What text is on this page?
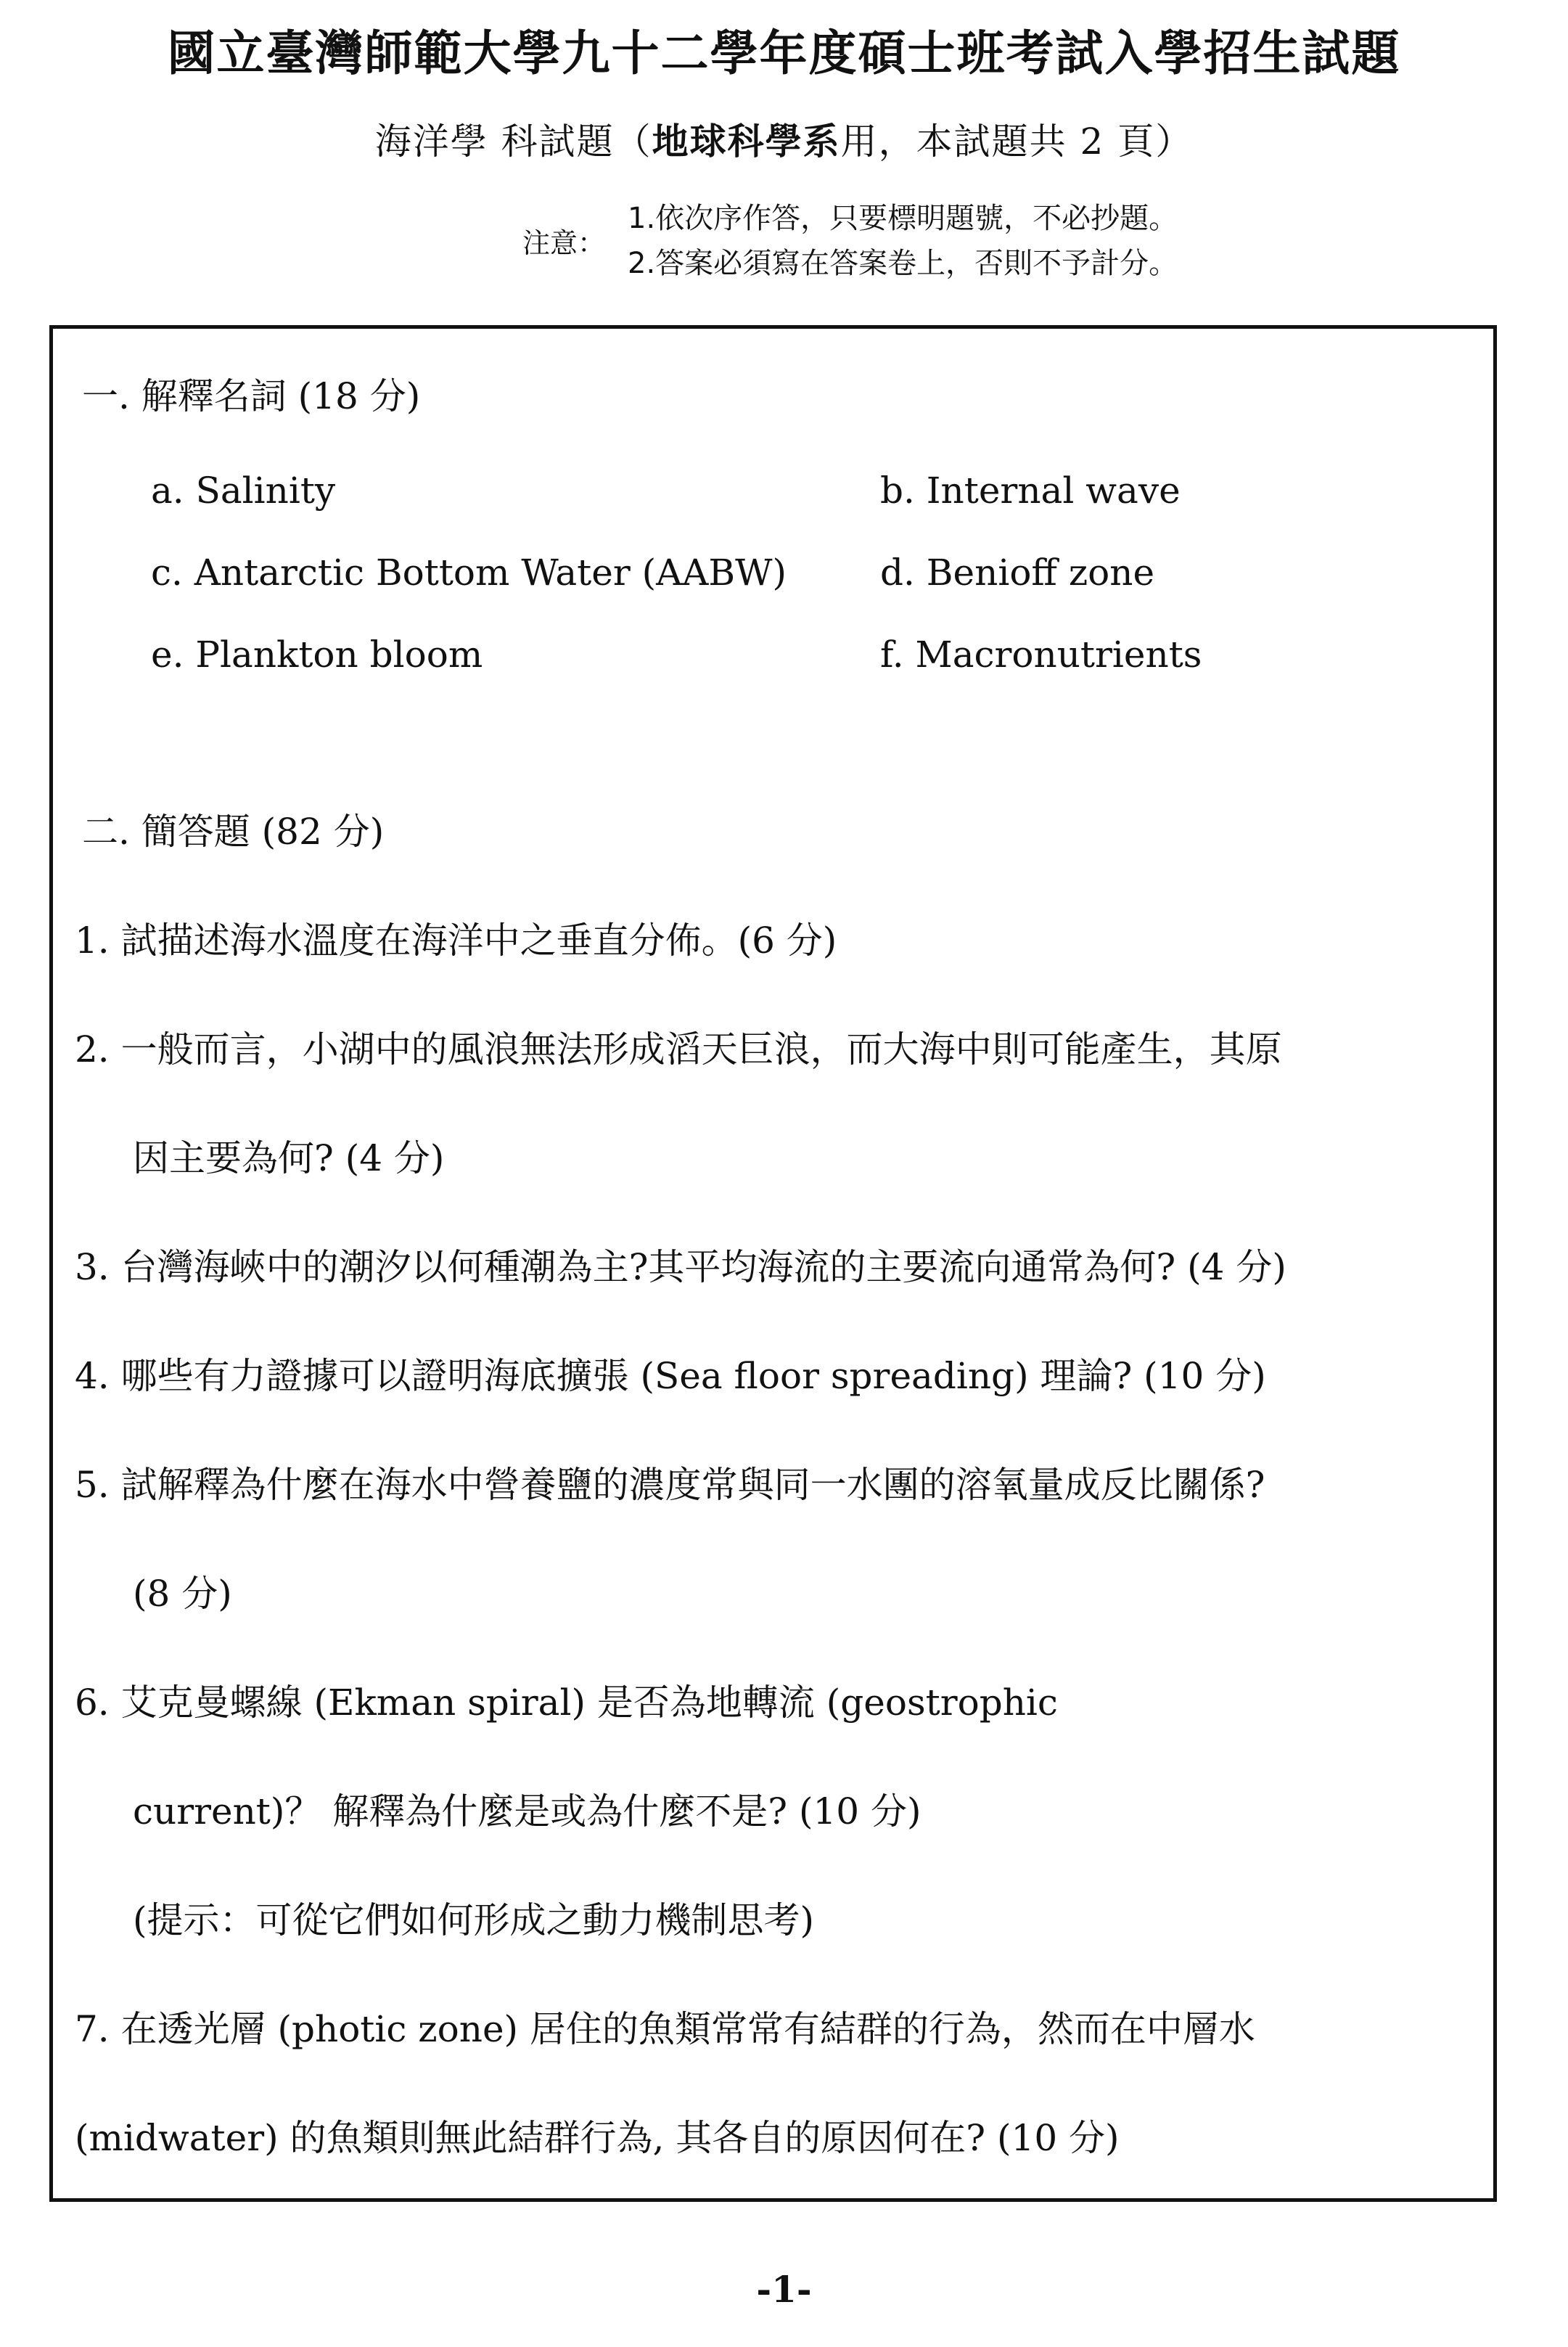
國立臺灣師範大學九十二學年度碩士班考試入學招生試題
海洋學 科試題（地球科學系用，本試題共 2 頁）
注意：
1.依次序作答，只要標明題號，不必抄題。
2.答案必須寫在答案卷上，否則不予計分。
一. 解釋名詞 (18 分)
a. Salinity	b. Internal wave
c. Antarctic Bottom Water (AABW)	d. Benioff zone
e. Plankton bloom	f. Macronutrients
二. 簡答題 (82 分)
1. 試描述海水溫度在海洋中之垂直分佈。(6 分)
2. 一般而言，小湖中的風浪無法形成滔天巨浪，而大海中則可能產生，其原
因主要為何? (4 分)
3. 台灣海峽中的潮汐以何種潮為主?其平均海流的主要流向通常為何? (4 分)
4. 哪些有力證據可以證明海底擴張 (Sea floor spreading) 理論? (10 分)
5. 試解釋為什麼在海水中營養鹽的濃度常與同一水團的溶氧量成反比關係?
(8 分)
6. 艾克曼螺線 (Ekman spiral) 是否為地轉流 (geostrophic
current)？ 解釋為什麼是或為什麼不是? (10 分)
(提示：可從它們如何形成之動力機制思考)
7. 在透光層 (photic zone) 居住的魚類常常有結群的行為，然而在中層水
(midwater) 的魚類則無此結群行為, 其各自的原因何在? (10 分)
-1-
